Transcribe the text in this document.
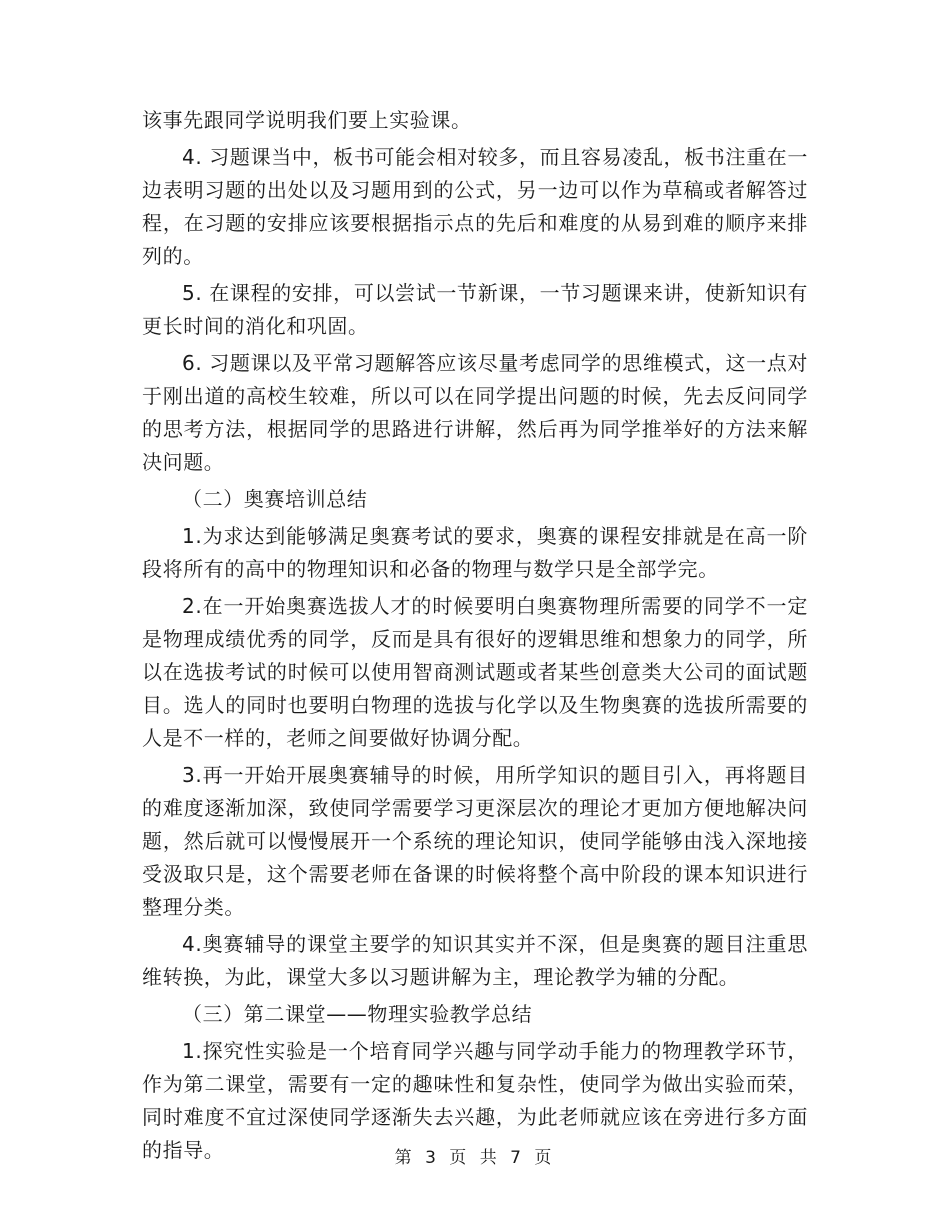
该事先跟同学说明我们要上实验课。

4. 习题课当中，板书可能会相对较多，而且容易凌乱，板书注重在一边表明习题的出处以及习题用到的公式，另一边可以作为草稿或者解答过程，在习题的安排应该要根据指示点的先后和难度的从易到难的顺序来排列的。

5. 在课程的安排，可以尝试一节新课，一节习题课来讲，使新知识有更长时间的消化和巩固。

6. 习题课以及平常习题解答应该尽量考虑同学的思维模式，这一点对于刚出道的高校生较难，所以可以在同学提出问题的时候，先去反问同学的思考方法，根据同学的思路进行讲解，然后再为同学推举好的方法来解决问题。

（二）奥赛培训总结

1.为求达到能够满足奥赛考试的要求，奥赛的课程安排就是在高一阶段将所有的高中的物理知识和必备的物理与数学只是全部学完。

2.在一开始奥赛选拔人才的时候要明白奥赛物理所需要的同学不一定是物理成绩优秀的同学，反而是具有很好的逻辑思维和想象力的同学，所以在选拔考试的时候可以使用智商测试题或者某些创意类大公司的面试题目。选人的同时也要明白物理的选拔与化学以及生物奥赛的选拔所需要的人是不一样的，老师之间要做好协调分配。

3.再一开始开展奥赛辅导的时候，用所学知识的题目引入，再将题目的难度逐渐加深，致使同学需要学习更深层次的理论才更加方便地解决问题，然后就可以慢慢展开一个系统的理论知识，使同学能够由浅入深地接受汲取只是，这个需要老师在备课的时候将整个高中阶段的课本知识进行整理分类。

4.奥赛辅导的课堂主要学的知识其实并不深，但是奥赛的题目注重思维转换，为此，课堂大多以习题讲解为主，理论教学为辅的分配。

（三）第二课堂——物理实验教学总结

1.探究性实验是一个培育同学兴趣与同学动手能力的物理教学环节，作为第二课堂，需要有一定的趣味性和复杂性，使同学为做出实验而荣，同时难度不宜过深使同学逐渐失去兴趣，为此老师就应该在旁进行多方面的指导。	第 3 页 共 7 页
